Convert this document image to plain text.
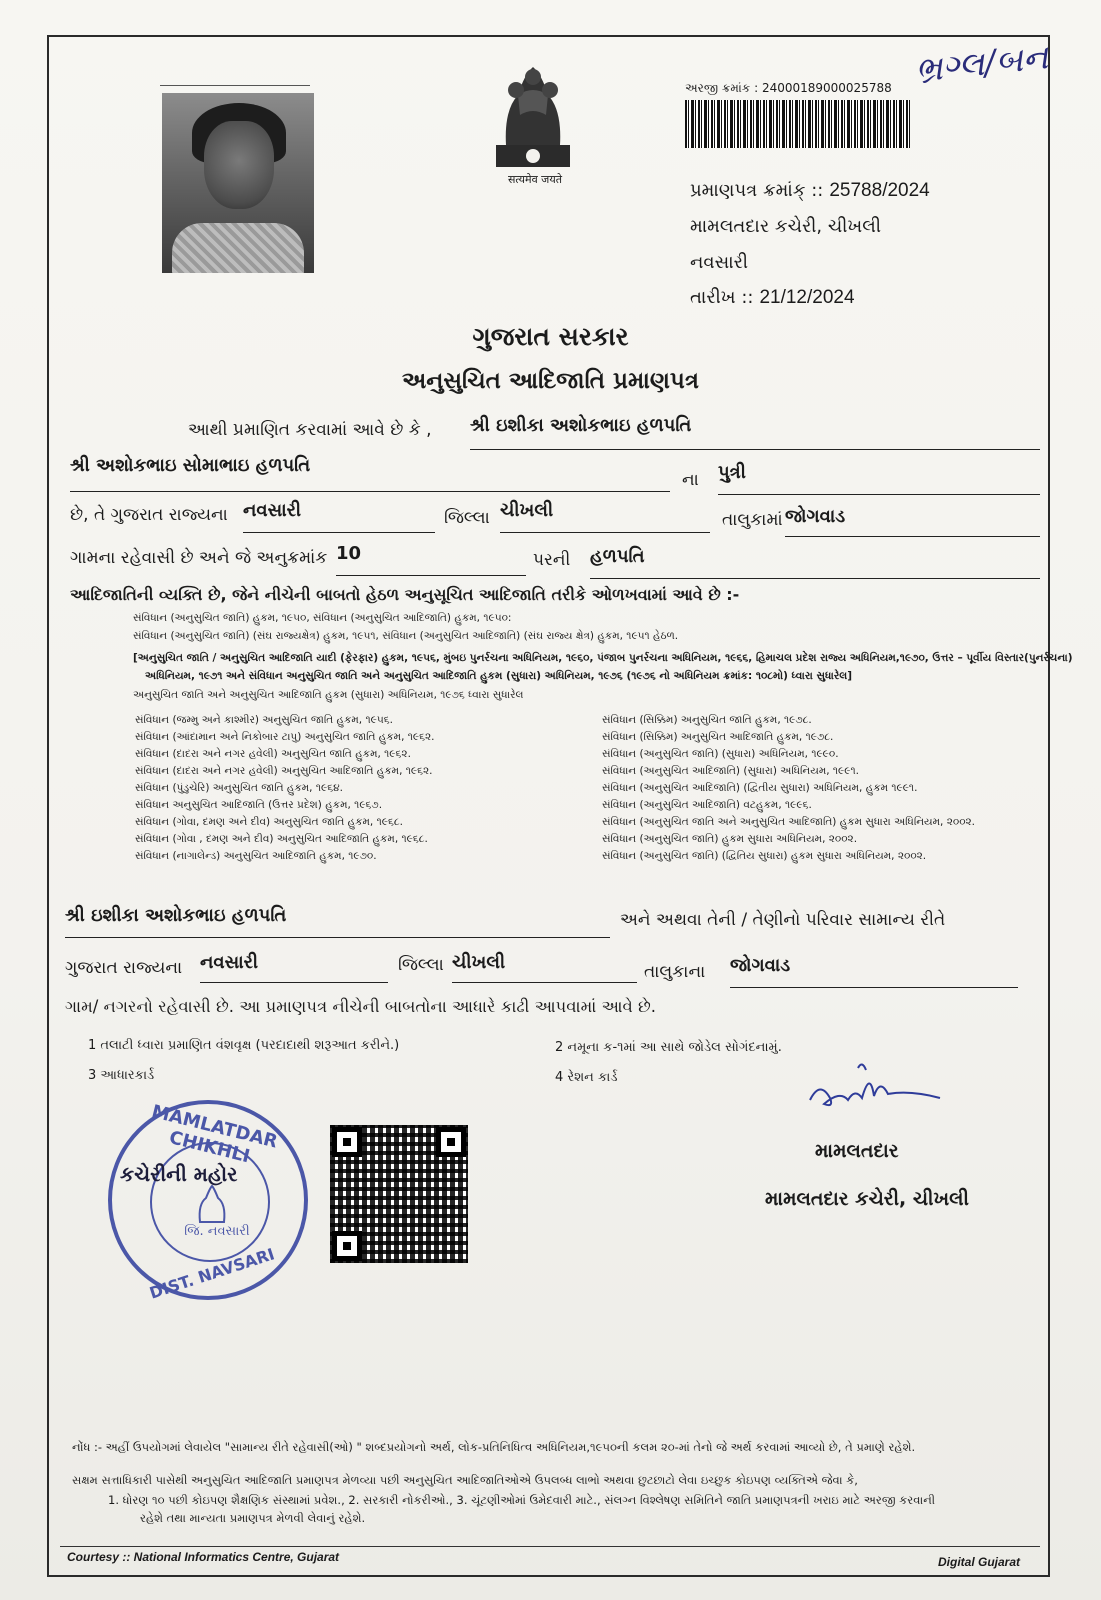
ભ્રગ્લ/બન
सत्यमेव जयते
અરજી ક્રમાંક : 24000189000025788
પ્રમાણપત્ર ક્રમાંક્ :: 25788/2024
મામલતદાર કચેરી, ચીખલી
નવસારી
તારીખ :: 21/12/2024
ગુજરાત સરકાર
અનુસુચિત આદિજાતિ પ્રમાણપત્ર
આથી પ્રમાણિત કરવામાં આવે છે કે , શ્રી ઇશીકા અશોકભાઇ હળપતિ
શ્રી અશોકભાઇ સોમાભાઇ હળપતિ
ના પુત્રી
છે, તે ગુજરાત રાજ્યના નવસારી	જિલ્લા ચીખલી	તાલુકામાં જોગવાડ
ગામના રહેવાસી છે અને જે અનુક્રમાંક 10	પરની હળપતિ
આદિજાતિની વ્યક્તિ છે, જેને નીચેની બાબતો હેઠળ અનુસૂચિત આદિજાતિ તરીકે ઓળખવામાં આવે છે :-
સંવિધાન (અનુસુચિત જાતિ) હુકમ, ૧૯૫૦, સંવિધાન (અનુસુચિત આદિજાતિ) હુકમ, ૧૯૫૦:
સંવિધાન (અનુસુચિત જાતિ) (સંઘ રાજ્યક્ષેત્ર) હુકમ, ૧૯૫૧, સંવિધાન (અનુસુચિત આદિજાતિ) (સંઘ રાજ્ય ક્ષેત્ર) હુકમ, ૧૯૫૧ હેઠળ.
[અનુસુચિત જાતિ / અનુસુચિત આદિજાતિ યાદી (ફેરફાર) હુકમ, ૧૯૫૬, મુંબઇ પુનર્રચના અધિનિયમ, ૧૯૬૦, પંજાબ પુનર્રચના અધિનિયમ, ૧૯૬૬, હિમાચલ પ્રદેશ રાજ્ય અધિનિયમ,૧૯૭૦, ઉત્તર – પૂર્વીય વિસ્તાર(પુનર્રચના)
અધિનિયમ, ૧૯૭૧ અને સંવિધાન અનુસુચિત જાતિ અને અનુસુચિત આદિજાતિ હુકમ (સુધારા) અધિનિયમ, ૧૯૭૬ (૧૯૭૬ નો અધિનિયમ ક્રમાંક: ૧૦૮મો) ધ્વારા સુધારેલ]
અનુસુચિત જાતિ અને અનુસુચિત આદિજાતિ હુકમ (સુધારા) અધિનિયમ, ૧૯૭૬ ધ્વારા સુધારેલ
સંવિધાન (જમ્મુ અને કાશ્મીર) અનુસુચિત જાતિ હુકમ, ૧૯૫૬.
સંવિધાન (આંદામાન અને નિકોબાર ટાપુ) અનુસુચિત જાતિ હુકમ, ૧૯૬૨.
સંવિધાન (દાદરા અને નગર હવેલી) અનુસુચિત જાતિ હુકમ, ૧૯૬૨.
સંવિધાન (દાદરા અને નગર હવેલી) અનુસુચિત આદિજાતિ હુકમ, ૧૯૬૨.
સંવિધાન (પુંડુચેરિ) અનુસુચિત જાતિ હુકમ, ૧૯૬૪.
સંવિધાન અનુસુચિત આદિજાતિ (ઉત્તર પ્રદેશ) હુકમ, ૧૯૬૭.
સંવિધાન (ગોવા, દમણ અને દીવ) અનુસુચિત જાતિ હુકમ, ૧૯૬૮.
સંવિધાન (ગોવા , દમણ અને દીવ) અનુસુચિત આદિજાતિ હુકમ, ૧૯૬૮.
સંવિધાન (નાગાલેન્ડ) અનુસુચિત આદિજાતિ હુકમ, ૧૯૭૦.
સંવિધાન (સિક્કિમ) અનુસુચિત જાતિ હુકમ, ૧૯૭૮.
સંવિધાન (સિક્કિમ) અનુસુચિત આદિજાતિ હુકમ, ૧૯૭૮.
સંવિધાન (અનુસુચિત જાતિ) (સુધારા) અધિનિયમ, ૧૯૯૦.
સંવિધાન (અનુસુચિત આદિજાતિ) (સુધારા) અધિનિયમ, ૧૯૯૧.
સંવિધાન (અનુસુચિત આદિજાતિ) (દ્વિતીય સુધારા) અધિનિયમ, હુકમ ૧૯૯૧.
સંવિધાન (અનુસુચિત આદિજાતિ) વટહુકમ, ૧૯૯૬.
સંવિધાન (અનુસુચિત જાતિ અને અનુસુચિત આદિજાતિ) હુકમ સુધારા અધિનિયમ, ૨૦૦૨.
સંવિધાન (અનુસુચિત જાતિ) હુકમ સુધારા અધિનિયમ, ૨૦૦૨.
સંવિધાન (અનુસુચિત જાતિ) (દ્વિતિય સુધારા) હુકમ સુધારા અધિનિયમ, ૨૦૦૨.
શ્રી ઇશીકા અશોકભાઇ હળપતિ	અને અથવા તેની / તેણીનો પરિવાર સામાન્ય રીતે
ગુજરાત રાજ્યના નવસારી	જિલ્લા ચીખલી	તાલુકાના જોગવાડ
ગામ/ નગરનો રહેવાસી છે. આ પ્રમાણપત્ર નીચેની બાબતોના આધારે કાઢી આપવામાં આવે છે.
1 તલાટી ધ્વારા પ્રમાણિત વંશવૃક્ષ (પરદાદાથી શરૂઆત કરીને.)	2 નમૂના ક-૧માં આ સાથે જોડેલ સોગંદનામું.
3 આધારકાર્ડ	4 રેશન કાર્ડ
MAMLATDAR CHIKHLI
કચેરીની મહોર
જિ. નવસારી
DIST. NAVSARI
મામલતદાર
મામલતદાર કચેરી, ચીખલી
નોંધ :- અહીં ઉપયોગમાં લેવાયેલ "સામાન્ય રીતે રહેવાસી(ઓ) " શબ્દપ્રયોગનો અર્થ, લોક-પ્રતિનિધિત્વ અધિનિયમ,૧૯૫૦ની કલમ ૨૦-માં તેનો જે અર્થ કરવામાં આવ્યો છે, તે પ્રમાણે રહેશે.
સક્ષમ સત્તાધિકારી પાસેથી અનુસુચિત આદિજાતિ પ્રમાણપત્ર મેળવ્યા પછી અનુસુચિત આદિજાતિઓએ ઉપલબ્ધ લાભો અથવા છુટછાટો લેવા ઇચ્છુક કોઇપણ વ્યક્તિએ જેવા કે,
1. ધોરણ ૧૦ પછી કોઇપણ શૈક્ષણિક સંસ્થામાં પ્રવેશ., 2. સરકારી નોકરીઓ., 3. ચૂંટણીઓમાં ઉમેદવારી માટે., સંલગ્ન વિશ્લેષણ સમિતિને જાતિ પ્રમાણપત્રની ખરાઇ માટે અરજી કરવાની
રહેશે તથા માન્યતા પ્રમાણપત્ર મેળવી લેવાનું રહેશે.
Courtesy :: National Informatics Centre, Gujarat	Digital Gujarat
